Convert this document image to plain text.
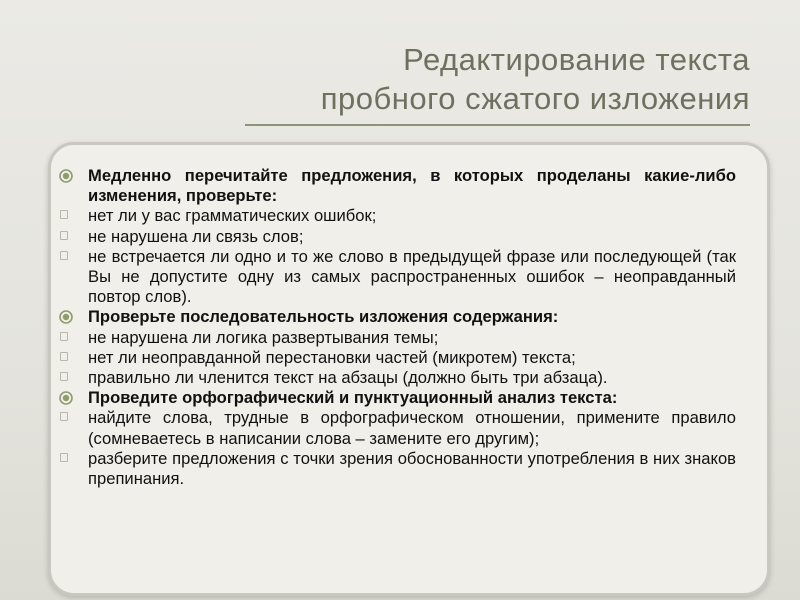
Редактирование текста
пробного сжатого изложения
Медленно перечитайте предложения, в которых проделаны какие-либо изменения, проверьте:
нет ли у вас грамматических ошибок;
не нарушена ли связь слов;
не встречается ли одно и то же слово в предыдущей фразе или последующей (так Вы не допустите одну из самых распространенных ошибок – неоправданный повтор слов).
Проверьте последовательность изложения содержания:
не нарушена ли логика развертывания темы;
нет ли неоправданной перестановки частей (микротем) текста;
правильно ли членится текст на абзацы (должно быть три абзаца).
Проведите орфографический и пунктуационный анализ текста:
найдите слова, трудные в орфографическом отношении, примените правило (сомневаетесь в написании слова – замените его другим);
разберите предложения с точки зрения обоснованности употребления в них знаков препинания.
